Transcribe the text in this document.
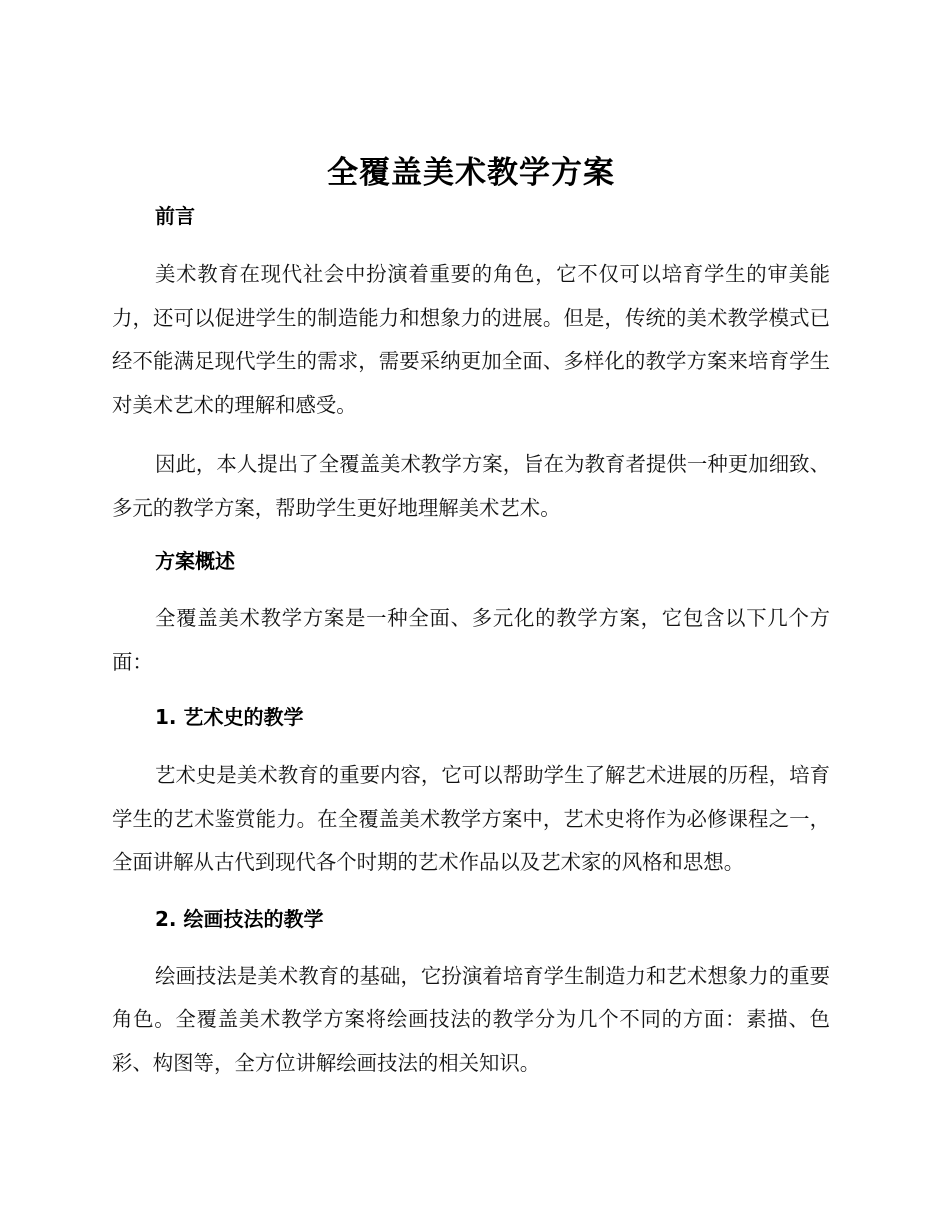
全覆盖美术教学方案
前言

美术教育在现代社会中扮演着重要的角色，它不仅可以培育学生的审美能力，还可以促进学生的制造能力和想象力的进展。但是，传统的美术教学模式已经不能满足现代学生的需求，需要采纳更加全面、多样化的教学方案来培育学生对美术艺术的理解和感受。

因此，本人提出了全覆盖美术教学方案，旨在为教育者提供一种更加细致、多元的教学方案，帮助学生更好地理解美术艺术。

方案概述

全覆盖美术教学方案是一种全面、多元化的教学方案，它包含以下几个方面：

1. 艺术史的教学

艺术史是美术教育的重要内容，它可以帮助学生了解艺术进展的历程，培育学生的艺术鉴赏能力。在全覆盖美术教学方案中，艺术史将作为必修课程之一，全面讲解从古代到现代各个时期的艺术作品以及艺术家的风格和思想。

2. 绘画技法的教学

绘画技法是美术教育的基础，它扮演着培育学生制造力和艺术想象力的重要角色。全覆盖美术教学方案将绘画技法的教学分为几个不同的方面：素描、色彩、构图等，全方位讲解绘画技法的相关知识。
